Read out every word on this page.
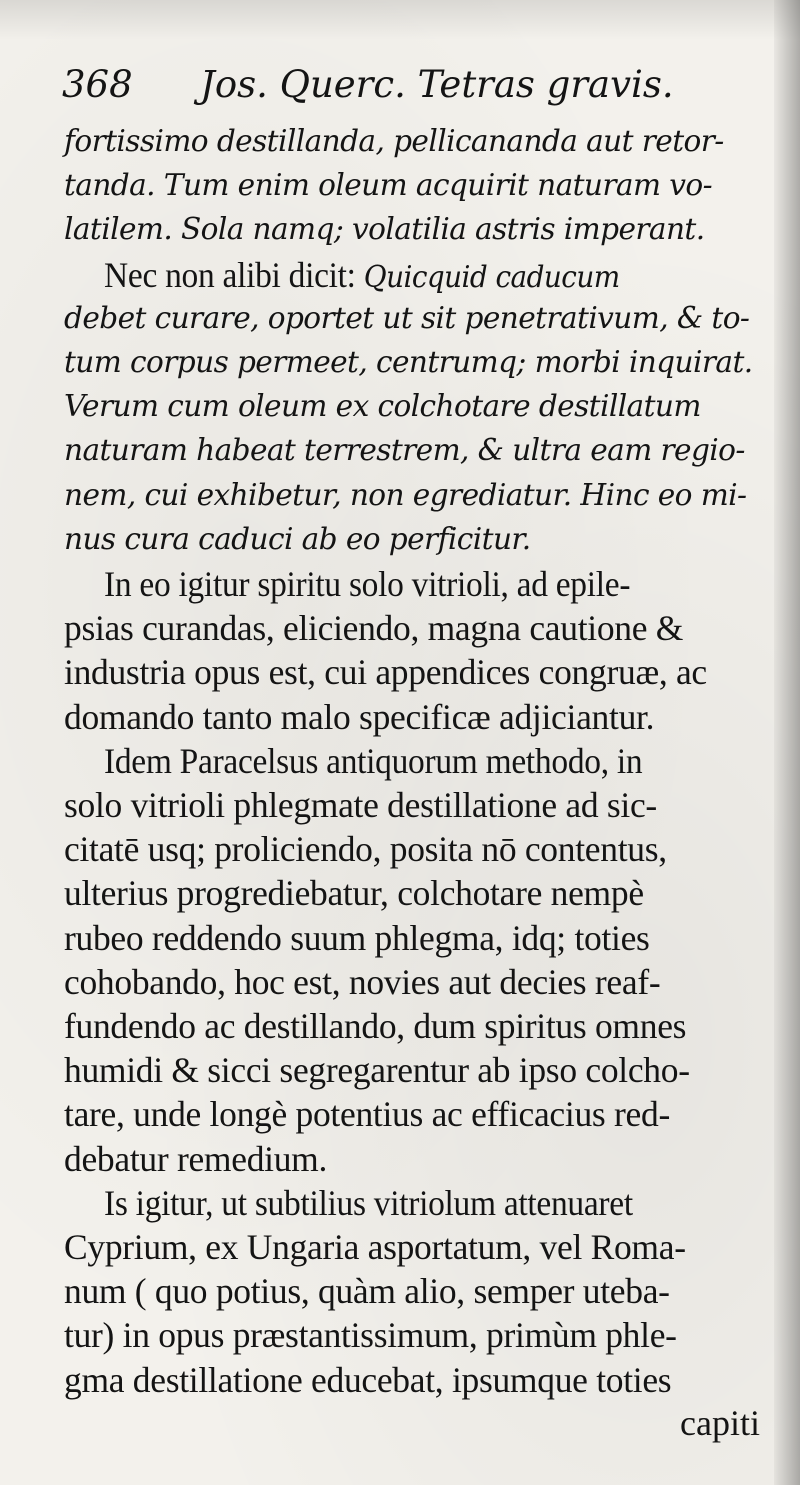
368 Jos. Querc. Tetras gravis.
fortissimo destillanda, pellicananda aut retor-
tanda. Tum enim oleum acquirit naturam vo-
latilem. Sola namq; volatilia astris imperant.
Nec non alibi dicit: Quicquid caducum
debet curare, oportet ut sit penetrativum, & to-
tum corpus permeet, centrumq; morbi inquirat.
Verum cum oleum ex colchotare destillatum
naturam habeat terrestrem, & ultra eam regio-
nem, cui exhibetur, non egrediatur. Hinc eo mi-
nus cura caduci ab eo perficitur.
In eo igitur spiritu solo vitrioli, ad epile-
psias curandas, eliciendo, magna cautione &
industria opus est, cui appendices congruæ, ac
domando tanto malo specificæ adjiciantur.
Idem Paracelsus antiquorum methodo, in
solo vitrioli phlegmate destillatione ad sic-
citatē usq; proliciendo, posita nō contentus,
ulterius progrediebatur, colchotare nempè
rubeo reddendo suum phlegma, idq; toties
cohobando, hoc est, novies aut decies reaf-
fundendo ac destillando, dum spiritus omnes
humidi & sicci segregarentur ab ipso colcho-
tare, unde longè potentius ac efficacius red-
debatur remedium.
Is igitur, ut subtilius vitriolum attenuaret
Cyprium, ex Ungaria asportatum, vel Roma-
num ( quo potius, quàm alio, semper uteba-
tur) in opus præstantissimum, primùm phle-
gma destillatione educebat, ipsumque toties
capiti
